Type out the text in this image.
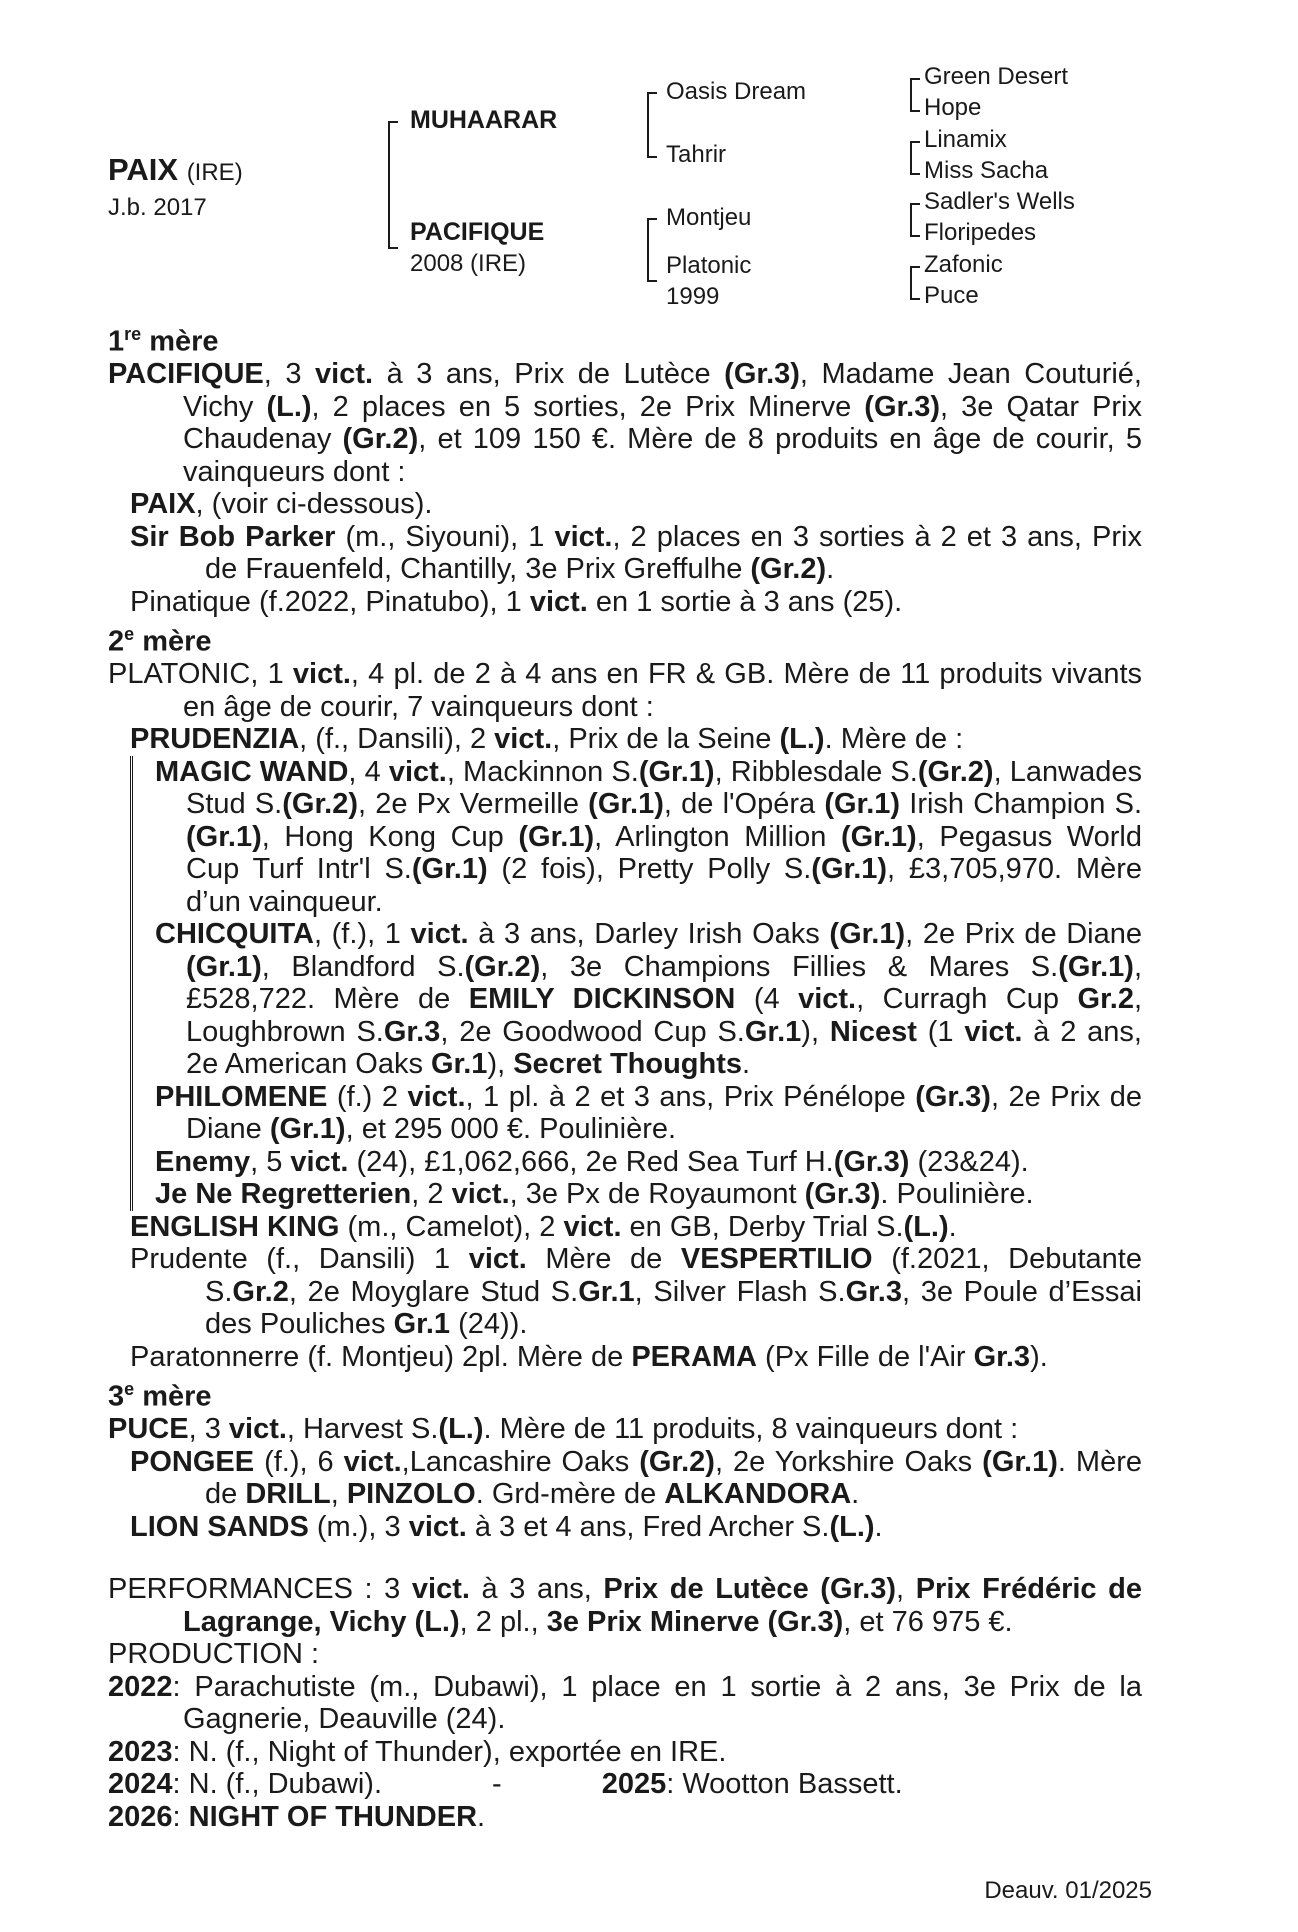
PAIX (IRE)
J.b. 2017
MUHAARAR
PACIFIQUE
2008 (IRE)
Oasis Dream
Tahrir
Montjeu
Platonic
1999
Green Desert
Hope
Linamix
Miss Sacha
Sadler's Wells
Floripedes
Zafonic
Puce
1re mère
PACIFIQUE, 3 vict. à 3 ans, Prix de Lutèce (Gr.3), Madame Jean Couturié, Vichy (L.), 2 places en 5 sorties, 2e Prix Minerve (Gr.3), 3e Qatar Prix Chaudenay (Gr.2), et 109 150 €. Mère de 8 produits en âge de courir, 5 vainqueurs dont :
PAIX, (voir ci-dessous).
Sir Bob Parker (m., Siyouni), 1 vict., 2 places en 3 sorties à 2 et 3 ans, Prix de Frauenfeld, Chantilly, 3e Prix Greffulhe (Gr.2).
Pinatique (f.2022, Pinatubo), 1 vict. en 1 sortie à 3 ans (25).
2e mère
PLATONIC, 1 vict., 4 pl. de 2 à 4 ans en FR & GB. Mère de 11 produits vivants en âge de courir, 7 vainqueurs dont :
PRUDENZIA, (f., Dansili), 2 vict., Prix de la Seine (L.). Mère de :
MAGIC WAND, 4 vict., Mackinnon S.(Gr.1), Ribblesdale S.(Gr.2), Lanwades Stud S.(Gr.2), 2e Px Vermeille (Gr.1), de l'Opéra (Gr.1) Irish Champion S.(Gr.1), Hong Kong Cup (Gr.1), Arlington Million (Gr.1), Pegasus World Cup Turf Intr'l S.(Gr.1) (2 fois), Pretty Polly S.(Gr.1), £3,705,970. Mère d’un vainqueur.
CHICQUITA, (f.), 1 vict. à 3 ans, Darley Irish Oaks (Gr.1), 2e Prix de Diane (Gr.1), Blandford S.(Gr.2), 3e Champions Fillies & Mares S.(Gr.1), £528,722. Mère de EMILY DICKINSON (4 vict., Curragh Cup Gr.2, Loughbrown S.Gr.3, 2e Goodwood Cup S.Gr.1), Nicest (1 vict. à 2 ans, 2e American Oaks Gr.1), Secret Thoughts.
PHILOMENE (f.) 2 vict., 1 pl. à 2 et 3 ans, Prix Pénélope (Gr.3), 2e Prix de Diane (Gr.1), et 295 000 €. Poulinière.
Enemy, 5 vict. (24), £1,062,666, 2e Red Sea Turf H.(Gr.3) (23&24).
Je Ne Regretterien, 2 vict., 3e Px de Royaumont (Gr.3). Poulinière.
ENGLISH KING (m., Camelot), 2 vict. en GB, Derby Trial S.(L.).
Prudente (f., Dansili) 1 vict. Mère de VESPERTILIO (f.2021, Debutante S.Gr.2, 2e Moyglare Stud S.Gr.1, Silver Flash S.Gr.3, 3e Poule d’Essai des Pouliches Gr.1 (24)).
Paratonnerre (f. Montjeu) 2pl. Mère de PERAMA (Px Fille de l'Air Gr.3).
3e mère
PUCE, 3 vict., Harvest S.(L.). Mère de 11 produits, 8 vainqueurs dont :
PONGEE (f.), 6 vict.,Lancashire Oaks (Gr.2), 2e Yorkshire Oaks (Gr.1). Mère de DRILL, PINZOLO. Grd-mère de ALKANDORA.
LION SANDS (m.), 3 vict. à 3 et 4 ans, Fred Archer S.(L.).
PERFORMANCES : 3 vict. à 3 ans, Prix de Lutèce (Gr.3), Prix Frédéric de Lagrange, Vichy (L.), 2 pl., 3e Prix Minerve (Gr.3), et 76 975 €.
PRODUCTION :
2022: Parachutiste (m., Dubawi), 1 place en 1 sortie à 2 ans, 3e Prix de la Gagnerie, Deauville (24).
2023: N. (f., Night of Thunder), exportée en IRE.
2024: N. (f., Dubawi).	-	2025: Wootton Bassett.
2026: NIGHT OF THUNDER.
Deauv. 01/2025
